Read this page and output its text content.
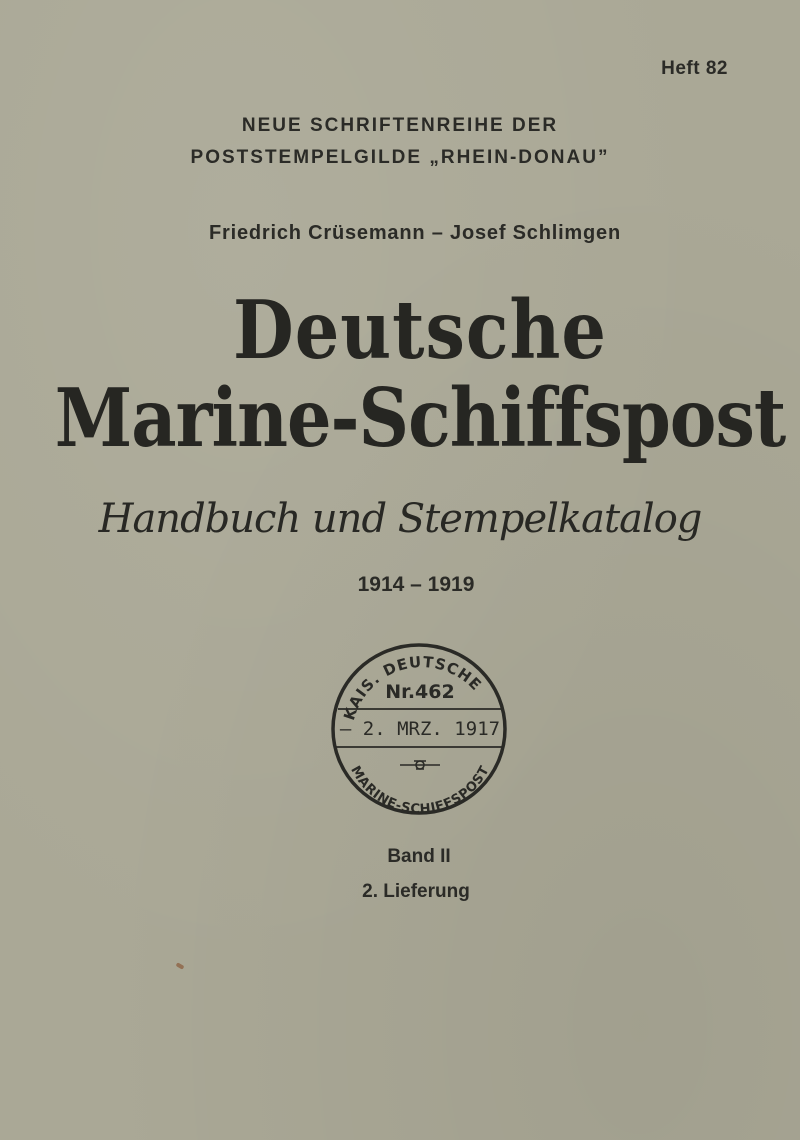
Heft 82
NEUE SCHRIFTENREIHE DER
POSTSTEMPELGILDE „RHEIN-DONAU”
Friedrich Crüsemann – Josef Schlimgen
Deutsche
Marine-Schiffspost
Handbuch und Stempelkatalog
1914 – 1919
KAIS. DEUTSCHE
Nr.462
– 2. MRZ. 1917
MARINE-SCHIFFSPOST
Band II
2. Lieferung
